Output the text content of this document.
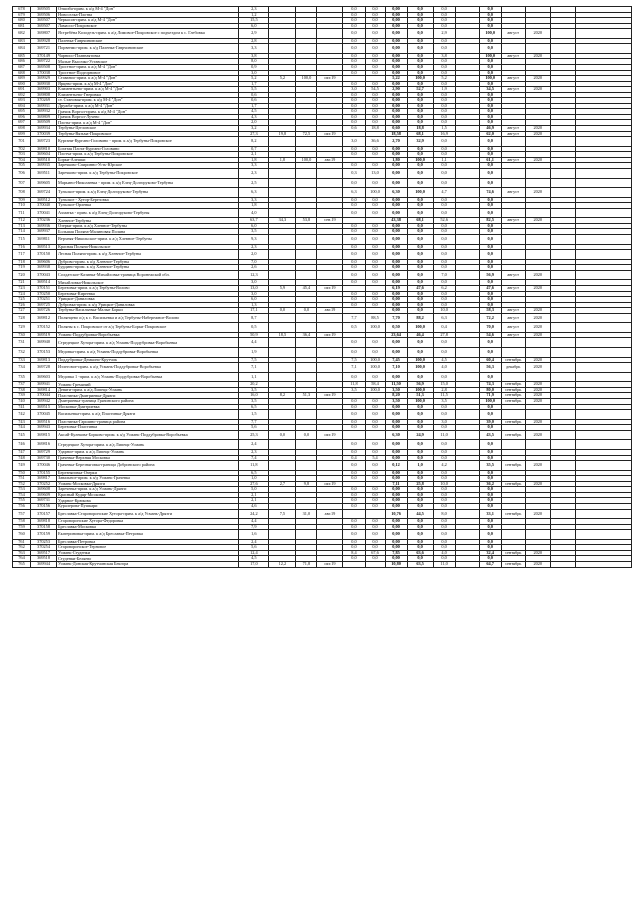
678	369505	Отшиба-прим. к а/д М-4 "Дон"	2,3				0,0	0,0	0,00	0,0	0,0		0,0				
679	369506	Новоселка-Плотва	1,2				0,0	0,0	0,00	0,0	0,0		0,0				
680	369507	Черкасов-прим. к а/д М-4 "Дон"	15,5				0,0	0,0	0,00	0,0	0,0		0,0				
681	369507	Ламасоо-Покровское	6,0				0,0	0,0	0,00	0,0	0,0		0,0				
682	369807	Ястребёна Колодезь-прим. к а/д Лимовое-Покровское с подъездом к с. Глебовка	2,9				0,0	0,0	0,00	0,0	2,9		100,0	август	2020		
683	369928	Паленка-Гаврчиновские	2,8				0,0	0,0	0,00	0,0	0,0		0,0				
684	369721	Порвенмо-прим. к а/д Паленка-Гаврчиновские	3,3				0,0	0,0	0,00	0,0	0,0		0,0				
685	370149	Чарнисо-Плавнаятовка	3,8				0,0	0,0	0,00	0,0	3,8		100,0	август	2020		
686	369722	Малые Высочко-Уставское	8,0				0,0	0,0	0,00	0,0	0,0		0,0				
687	369508	Тростное-прим. к а/д М-4 "Дон"	0,9				0,0	0,0	0,00	0,0	0,0		0,0				
688	370038	Тростное-Подгорновое	3,0				0,0	0,0	0,00	0,0	0,0		0,0				
689	369929	Ставаноо-прим. к а/д М-4 "Дон"	5,2	5,2	100,0	окт.19			5,22	100,0	5,2		100,0	август	2020		
690	369930	Ярцево-прим. к а/д М-4 "Дон"	1,7				0,0	0,0	0,00	0,0	0,0		0,0				
691	369903	Климентьево-прим. к а/д М-4 "Дон"	5,5				3,0	54,5	2,90	52,7	1,9		34,5	август	2020		
692	369808	Климентьево-Гнеровки	0,6				0,0	0,0	0,00	0,0	0,0		0,0				
693	370269	ст. Становая-прим. к а/д М-4 "Дон"	0,6				0,0	0,0	0,00	0,0	0,0		0,0				
694	369931	Дружба-прим. к а/д М-4 "Дон"	1,7				0,0	0,0	0,00	0,0	0,0		0,0				
695	369932	Грачик Воргол-прим. к а/д М-4 "Дон"	4,5				0,0	0,0	0,00	0,0	0,0		0,0				
696	369809	Грачик Воргол-Лучево	4,3				0,0	0,0	0,00	0,0	0,0		0,0				
697	369509	Плоты-прим. к а/д М-4 "Дон"	2,0				0,0	0,0	0,00	0,0	0,0		0,0				
698	369934	Тербуны-Цегловское	3,2				0,6	18,8	0,60	18,8	1,5		46,9	август	2020		
699	370039	Тербуны-Вязьма-Покровское	27,3	19,8	72,5	окт.19			18,58	68,1	16,9		62,0	август	2020		
701	369723	Кургани-Кургано-Головино - прим. к а/д Тербуны-Покровское	8,2				3,0	36,6	2,70	32,9	0,0		0,0				
702	369810	Богатая Плота-Кургано-Головино	0,7				0,0	0,0	0,00	0,0	0,0		0,0				
703	369604	Плотча-прим. к а/д Тербуны-Покровское	2,1				0,0	0,0	0,00	0,0	0,0		0,0				
704	369510	Борки-Алешки	1,8	1,8	100,0	авг.19			1,80	100,0	1,1		61,1	август	2020		
705	369935	Заречково-Спиринно-Усть-Юрское	3,3				0,0	0,0	0,00	0,0	0,0		0,0				
706	369511	Заречково-прим. к а/д Тербуны-Покровское	2,3				0,3	13,0	0,00	0,0	0,0		0,0				
707	369605	Марьино-Николаевка - прим. к а/д Елец-Долгоруково-Тербуны	2,5				0,0	0,0	0,00	0,0	0,0		0,0				
708	369724	Тульское-прим. к а/д Елец-Долгоруково-Тербуны	6,3				6,3	100,0	6,30	100,0	4,7		74,6	август	2020		
709	369512	Тульское - Хутор-Березовка	3,3				0,0	0,0	0,00	0,0	0,0		0,0				
710	370040	Тульское-Орлевка	1,8				0,0	0,0	0,00	0,0	0,0		0,0				
711	370041	Ахматка - прим. к а/д Елец-Долгоруково-Тербуны	4,0				0,0	0,0	0,00	0,0	0,0		0,0				
712	370236	Хлевное-Тербуны	63,7	34,3	53,8	сен.19			43,38	68,1	52,6		82,5	август	2020		
713	369936	Озерки-прим. к а/д Хлевное-Тербуны	6,0				0,0	0,0	0,00	0,0	0,0		0,0				
714	369937	Большая Поляна-Малиновая Поляна	3,5				0,0	0,0	0,00	0,0	0,0		0,0				
715	369811	Верхняя-Никольское-прим. к а/д Хлевное-Тербуны	9,3				0,0	0,0	0,00	0,0	0,0		0,0				
716	369513	Красная Поляна-Никольское	2,3				0,0	0,0	0,00	0,0	0,0		0,0				
717	370150	Лесная Поляна-прим. к а/д Хлевное-Тербуны	2,0				0,0	0,0	0,00	0,0	0,0		0,0				
718	369606	Дуброво-прим. к а/д Хлевное-Тербуны	7,0				0,0	0,0	0,00	0,0	0,0		0,0				
719	369938	Бурдино-прим. к а/д Хлевное-Тербуны	2,6				0,0	0,0	0,00	0,0	0,0		0,0				
720	370043	Солдатское-Казинка-Михайловка-граница Воронежской обл.	12,3				0,0	0,0	0,00	0,0	7,0		56,9	август	2020		
721	369514	Михайловка-Никольское	3,0				0,0	0,0	0,00	0,0	0,0		0,0				
723	370151	Березовка-прим. к а/д Тербуны-Волово	13,0	5,9	45,4	окт.19			6,19	47,6	6,2		47,6	август	2020		
724	370250	Березовка-Киреевка	3,0				0,0	0,0	0,00	0,0	0,0		0,0				
725	370251	Урицкое-Даниловка	6,0				0,0	0,0	0,00	0,0	0,0		0,0				
726	369725	Дубровка-прим. к а/д Урицкое-Даниловка	1,3				0,0	0,0	0,00	0,0	0,0		0,0				
727	369726	Тербуны-Васильевка-Малые Борки	17,1	0,0	0,0	авг.19			0,00	0,0	10,0		58,3	август	2020		
728	369812	Полянцево о/д к с. Васильевка и а/д Тербуны-Набережное-Волово	8,7				7,7	88,5	7,70	88,2	6,3		72,2	август	2020		
729	370152	Поляны к с. Покровское от а/д Тербуны-Борки-Покровское	0,5				0,5	100,0	0,50	100,0	0,4		70,0	август	2020		
730	369519	Усмань-Поддубровка-Воробьевка	50,9	18,5	36,4	окт.19			23,64	46,4	27,8		54,6	август	2020		
731	369940	Стредецкое Хутора-прим. к а/д Усмань-Поддубровка-Воробьевка	4,4				0,0	0,0	0,00	0,0	0,0		0,0				
732	370153	Медовка-прим. к а/д Усмань-Поддубровка-Воробьевка	1,9				0,0	0,0	0,00	0,0	0,0		0,0				
733	369813	Поддубровка-Демкино-Крутчик	7,5				7,5	100,0	7,45	100,0	4,5		60,4	сентябрь	2020		
734	369728	Излеговое-прим. к а/д Усмань-Поддубровка-Воробьевка	7,1				7,1	100,0	7,10	100,0	4,0		56,3	декабрь	2020		
735	369603	Медовка 1 -прим. к а/д Усмань-Поддубровка-Воробьевка	1,1				0,0	0,0	0,00	0,0	0,0		0,0				
737	369941	Усмань-Гремячий	20,2				11,8	58,4	11,50	56,9	15,0		74,3	сентябрь	2020		
738	369814	Девяти-прим. к а/д Липецк-Усмань	3,5				3,5	100,0	3,50	100,0	2,8		80,0	сентябрь	2020		
739	370044	Пластинка-Дмитриевка-Дрязги	16,0	8,2	51,3	окт.19			8,20	51,3	11,5		71,9	сентябрь	2020		
740	369942	Дмитриевка-граница Грязинского района	3,5				0,0	0,0	3,50	100,0	3,5		100,0	сентябрь	2020		
741	369515	Московка-Дмитриевка	6,5				0,0	0,0	0,00	0,0	0,0		0,0				
742	370045	Васильевка-прим. к а/д Пластинка-Дрязги	1,5				0,0	0,0	0,00	0,0	0,0		0,0				
743	369516	Пластинка-Гаршино-граница района	7,7				0,0	0,0	0,00	0,0	3,0		39,0	сентябрь	2020		
744	369943	Березовка-Пластинка	5,6				0,0	0,0	0,00	0,0	0,0		0,0				
745	369815	Аксай-Кулекова-Борково-прим. к а/д Усмань-Поддубровка-Воробьевка	25,3	0,0	0,0	окт.19			6,30	24,9	11,0		43,5	сентябрь	2020		
746	369816	Стредецкое Хутора-прим. к а/д Липецк-Усмань	2,4				0,0	0,0	0,00	0,0	0,0		0,0				
747	369729	Ударное-прим. к а/д Липецк-Усмань	2,3				0,0	0,0	0,00	0,0	0,0		0,0				
748	369730	Грачевка-Верхняя Московка	7,4				0,4	5,4	0,00	0,0	0,0		0,0				
749	370046	Грачевка-Березняговка-граница Добринского района	11,8				0,0	0,0	0,12	1,0	4,2		35,5	сентябрь	2020		
750	370155	Березняговка-Озерки	6,5				0,0	0,0	0,00	0,0	0,0		0,0				
751	369817	Завальное-прим. к а/д Усмань-Грачевка	1,0				0,0	0,0	0,00	0,0	0,0		0,0				
752	370252	Усмань-Московка-Дрязги	27,6	2,7	9,8	окт.19			7,11	25,8	10,0		36,2	сентябрь	2020		
753	369608	Зареченка-прим. к а/д Усмань-Дрязги	5,0				0,0	0,0	0,00	0,0	0,0		0,0				
754	369609	Красный Кудяр-Московка	2,1				0,0	0,0	0,00	0,0	0,0		0,0				
755	369731	Ударное-Крюкова	2,1				0,0	0,0	0,00	0,0	0,0		0,0				
756	370156	Куралерова-Пушкари	4,6				0,0	0,0	0,00	0,0	0,0		0,0				
757	370157	Бреславка-Староворонские Хутора-прим. к а/д Усмань-Дрязги	24,2	7,5	31,0	авг.19			10,76	44,5	8,0		33,1	сентябрь	2020		
758	369818	Староворонские Хутора-Федоровка	4,4				0,0	0,0	0,00	0,0	0,0		0,0				
759	370158	Бреславка-Московка	7,9				0,0	0,0	0,00	0,0	0,0		0,0				
760	370159	Екатериновка-прим. к а/д Бреславка-Петровка	1,6				0,0	0,0	0,00	0,0	0,0		0,0				
761	370253	Бреславка-Петровка	2,4				0,0	0,0	0,00	0,0	0,0		0,0				
762	370254	Староворонское-Терновое	5,6				0,0	0,0	0,00	0,0	0,0		0,0				
763	369517	Усмань-Студенки	12,4				8,4	67,6	7,85	63,6	4,0		32,4	сентябрь	2020		
764	369518	Студенки-Беляево	4,5				0,0	0,0	0,00	0,0	0,0		0,0				
765	369944	Усмань-Донская-Крутчинская Бекгора	17,0	12,2	71,8	окт.19			10,80	63,5	11,0		64,7	сентябрь	2020		
